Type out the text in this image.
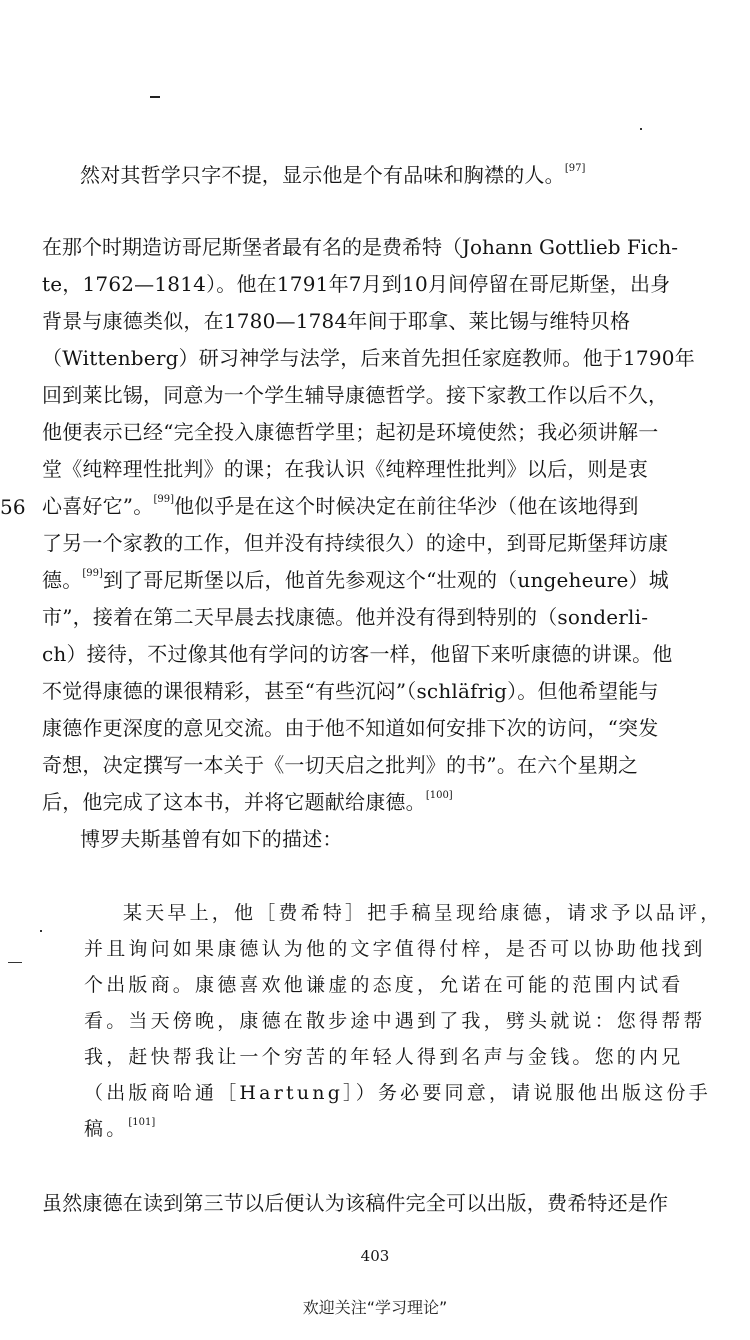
然对其哲学只字不提，显示他是个有品味和胸襟的人。[97]
在那个时期造访哥尼斯堡者最有名的是费希特（Johann Gottlieb Fich-
te，1762—1814）。他在1791年7月到10月间停留在哥尼斯堡，出身
背景与康德类似，在1780—1784年间于耶拿、莱比锡与维特贝格
（Wittenberg）研习神学与法学，后来首先担任家庭教师。他于1790年
回到莱比锡，同意为一个学生辅导康德哲学。接下家教工作以后不久，
他便表示已经“完全投入康德哲学里；起初是环境使然；我必须讲解一
堂《纯粹理性批判》的课；在我认识《纯粹理性批判》以后，则是衷
56 心喜好它”。[99]他似乎是在这个时候决定在前往华沙（他在该地得到
了另一个家教的工作，但并没有持续很久）的途中，到哥尼斯堡拜访康
德。[99]到了哥尼斯堡以后，他首先参观这个“壮观的（ungeheure）城
市”，接着在第二天早晨去找康德。他并没有得到特别的（sonderli-
ch）接待，不过像其他有学问的访客一样，他留下来听康德的讲课。他
不觉得康德的课很精彩，甚至“有些沉闷”（schläfrig）。但他希望能与
康德作更深度的意见交流。由于他不知道如何安排下次的访问，“突发
奇想，决定撰写一本关于《一切天启之批判》的书”。在六个星期之
后，他完成了这本书，并将它题献给康德。[100]
博罗夫斯基曾有如下的描述：
某天早上，他［费希特］把手稿呈现给康德，请求予以品评，
并且询问如果康德认为他的文字值得付梓，是否可以协助他找到
个出版商。康德喜欢他谦虚的态度，允诺在可能的范围内试看
看。当天傍晚，康德在散步途中遇到了我，劈头就说：您得帮帮
我，赶快帮我让一个穷苦的年轻人得到名声与金钱。您的内兄
（出版商哈通［Hartung］）务必要同意，请说服他出版这份手
稿。[101]
虽然康德在读到第三节以后便认为该稿件完全可以出版，费希特还是作
403
欢迎关注“学习理论”
